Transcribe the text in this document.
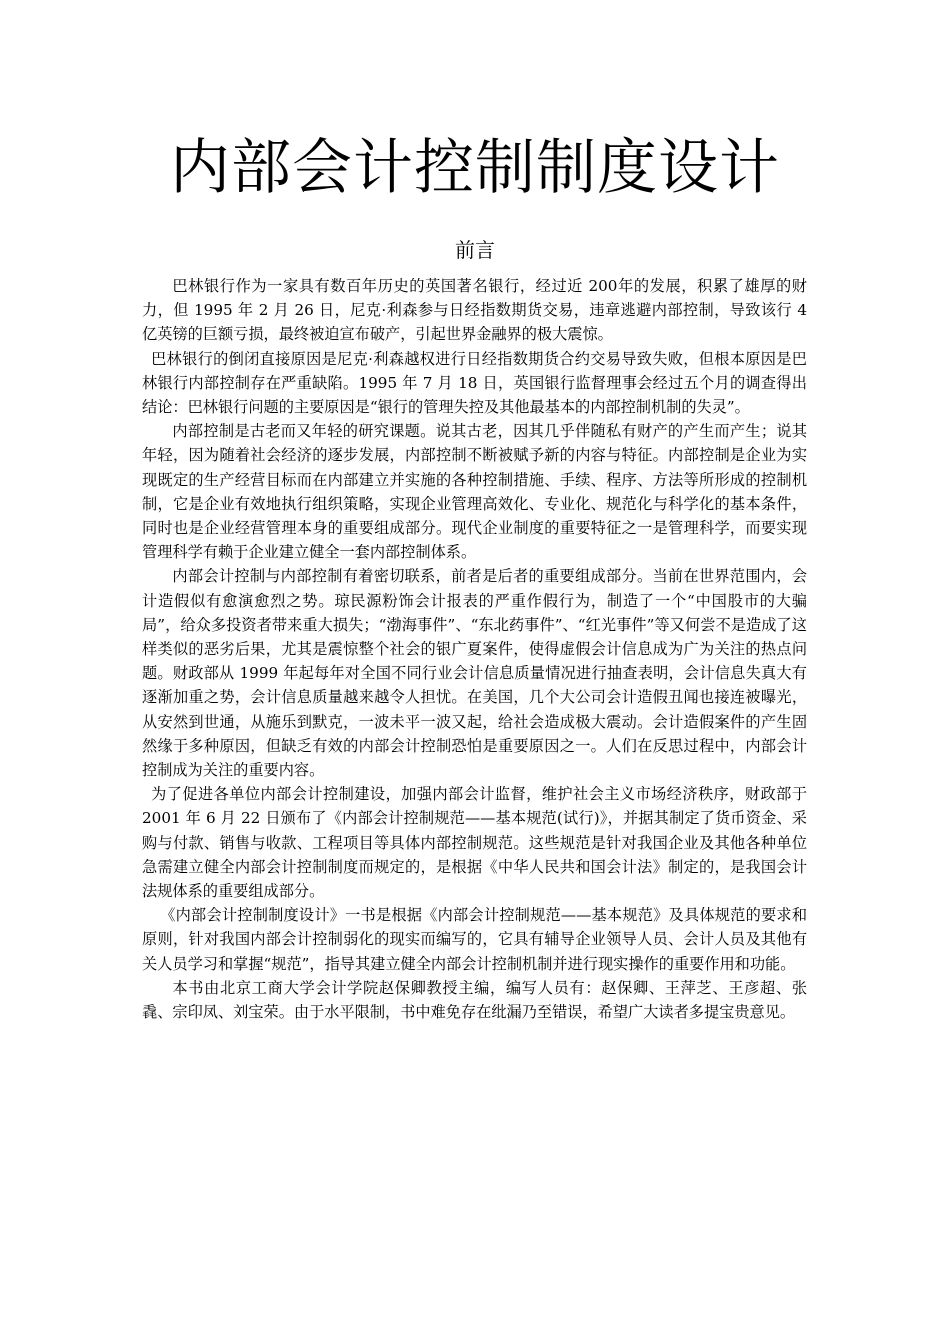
内部会计控制制度设计
前言

巴林银行作为一家具有数百年历史的英国著名银行，经过近 200年的发展，积累了雄厚的财力，但 1995 年 2 月 26 日，尼克·利森参与日经指数期货交易，违章逃避内部控制，导致该行 4 亿英镑的巨额亏损，最终被迫宣布破产，引起世界金融界的极大震惊。

巴林银行的倒闭直接原因是尼克·利森越权进行日经指数期货合约交易导致失败，但根本原因是巴林银行内部控制存在严重缺陷。1995 年 7 月 18 日，英国银行监督理事会经过五个月的调查得出结论：巴林银行问题的主要原因是“银行的管理失控及其他最基本的内部控制机制的失灵”。

内部控制是古老而又年轻的研究课题。说其古老，因其几乎伴随私有财产的产生而产生；说其年轻，因为随着社会经济的逐步发展，内部控制不断被赋予新的内容与特征。内部控制是企业为实现既定的生产经营目标而在内部建立并实施的各种控制措施、手续、程序、方法等所形成的控制机制，它是企业有效地执行组织策略，实现企业管理高效化、专业化、规范化与科学化的基本条件，同时也是企业经营管理本身的重要组成部分。现代企业制度的重要特征之一是管理科学，而要实现管理科学有赖于企业建立健全一套内部控制体系。

内部会计控制与内部控制有着密切联系，前者是后者的重要组成部分。当前在世界范围内，会计造假似有愈演愈烈之势。琼民源粉饰会计报表的严重作假行为，制造了一个“中国股市的大骗局”，给众多投资者带来重大损失；“渤海事件”、“东北药事件”、“红光事件”等又何尝不是造成了这样类似的恶劣后果，尤其是震惊整个社会的银广夏案件，使得虚假会计信息成为广为关注的热点问题。财政部从 1999 年起每年对全国不同行业会计信息质量情况进行抽查表明，会计信息失真大有逐渐加重之势，会计信息质量越来越令人担忧。在美国，几个大公司会计造假丑闻也接连被曝光，从安然到世通，从施乐到默克，一波未平一波又起，给社会造成极大震动。会计造假案件的产生固然缘于多种原因，但缺乏有效的内部会计控制恐怕是重要原因之一。人们在反思过程中，内部会计控制成为关注的重要内容。

为了促进各单位内部会计控制建设，加强内部会计监督，维护社会主义市场经济秩序，财政部于 2001 年 6 月 22 日颁布了《内部会计控制规范——基本规范(试行)》，并据其制定了货币资金、采购与付款、销售与收款、工程项目等具体内部控制规范。这些规范是针对我国企业及其他各种单位急需建立健全内部会计控制制度而规定的，是根据《中华人民共和国会计法》制定的，是我国会计法规体系的重要组成部分。

《内部会计控制制度设计》一书是根据《内部会计控制规范——基本规范》及具体规范的要求和原则，针对我国内部会计控制弱化的现实而编写的，它具有辅导企业领导人员、会计人员及其他有关人员学习和掌握“规范”，指导其建立健全内部会计控制机制并进行现实操作的重要作用和功能。

本书由北京工商大学会计学院赵保卿教授主编，编写人员有：赵保卿、王萍芝、王彦超、张毳、宗印凤、刘宝荣。由于水平限制，书中难免存在纰漏乃至错误，希望广大读者多提宝贵意见。
